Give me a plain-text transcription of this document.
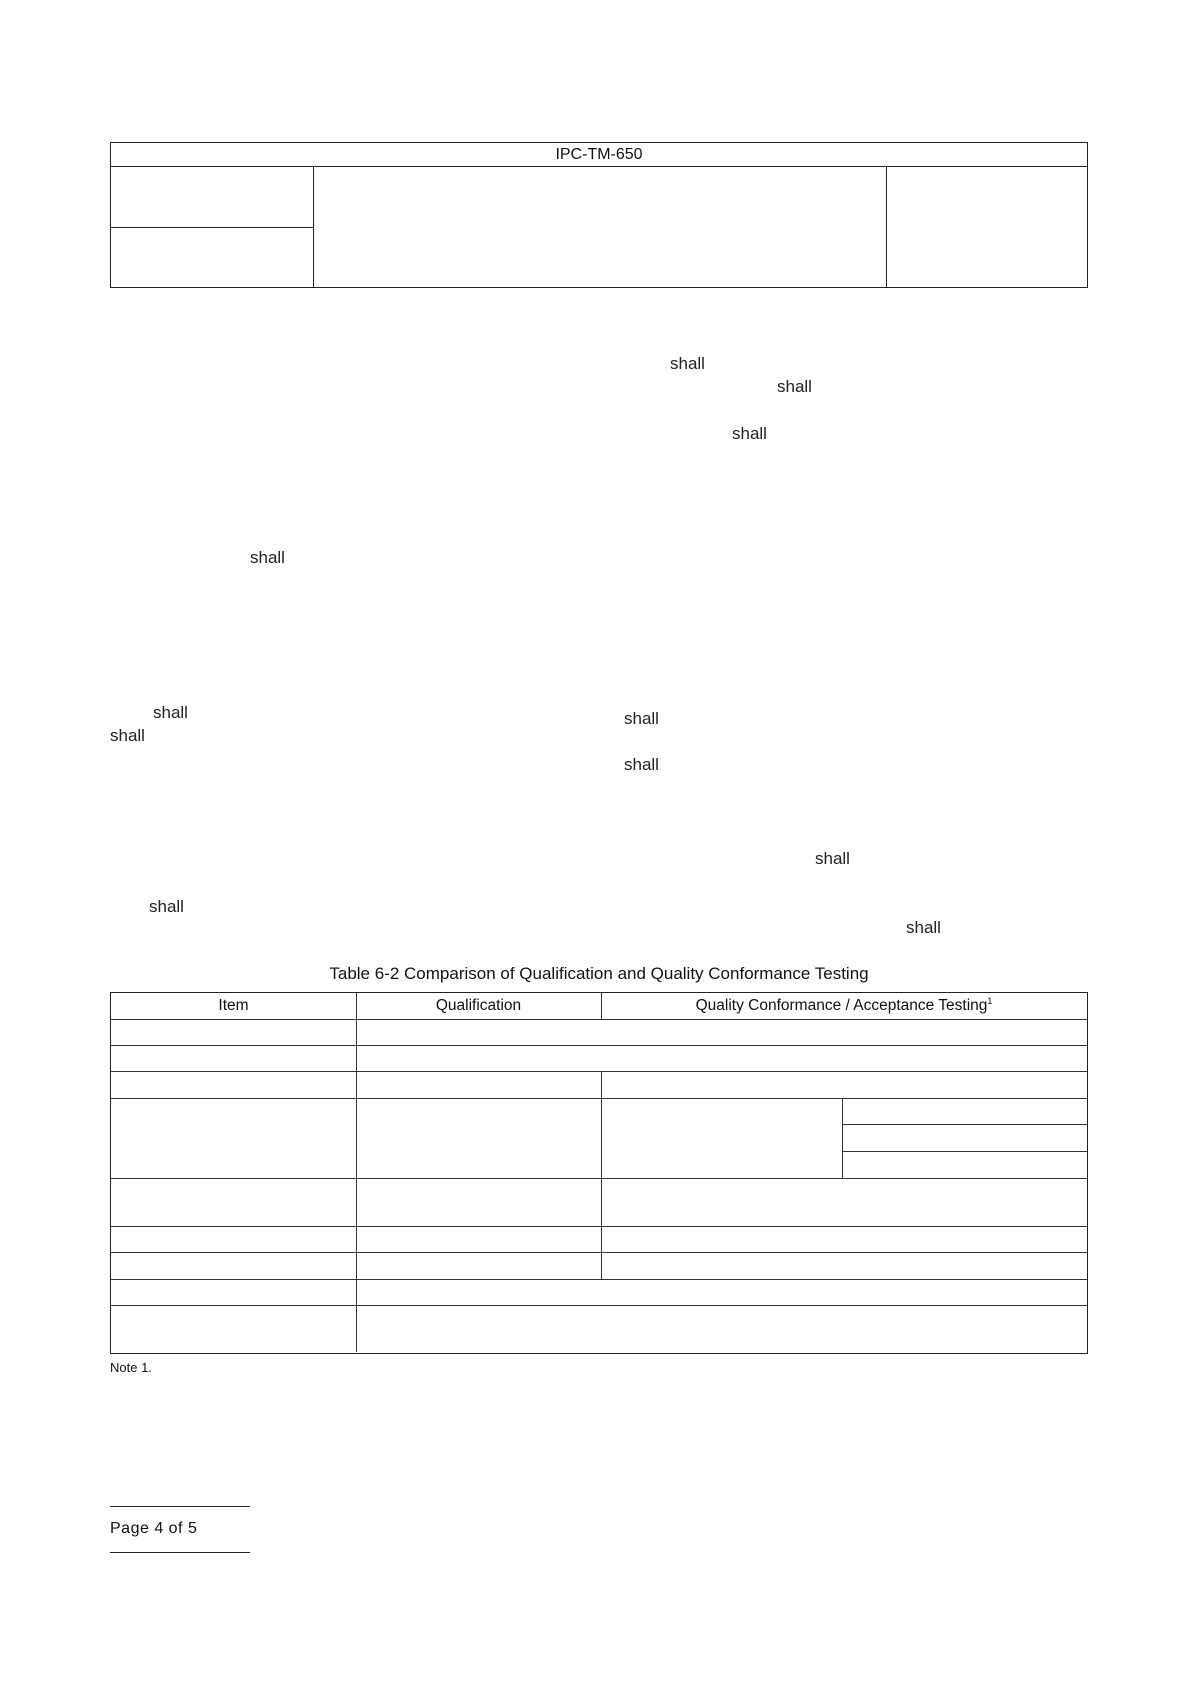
IPC-TM-650
shall
shall
shall
shall
shall
shall
shall
shall
shall
shall
shall
Table 6-2 Comparison of Qualification and Quality Conformance Testing
Item	Qualification	Quality Conformance / Acceptance Testing$^1$
Note 1.
Page 4 of 5
